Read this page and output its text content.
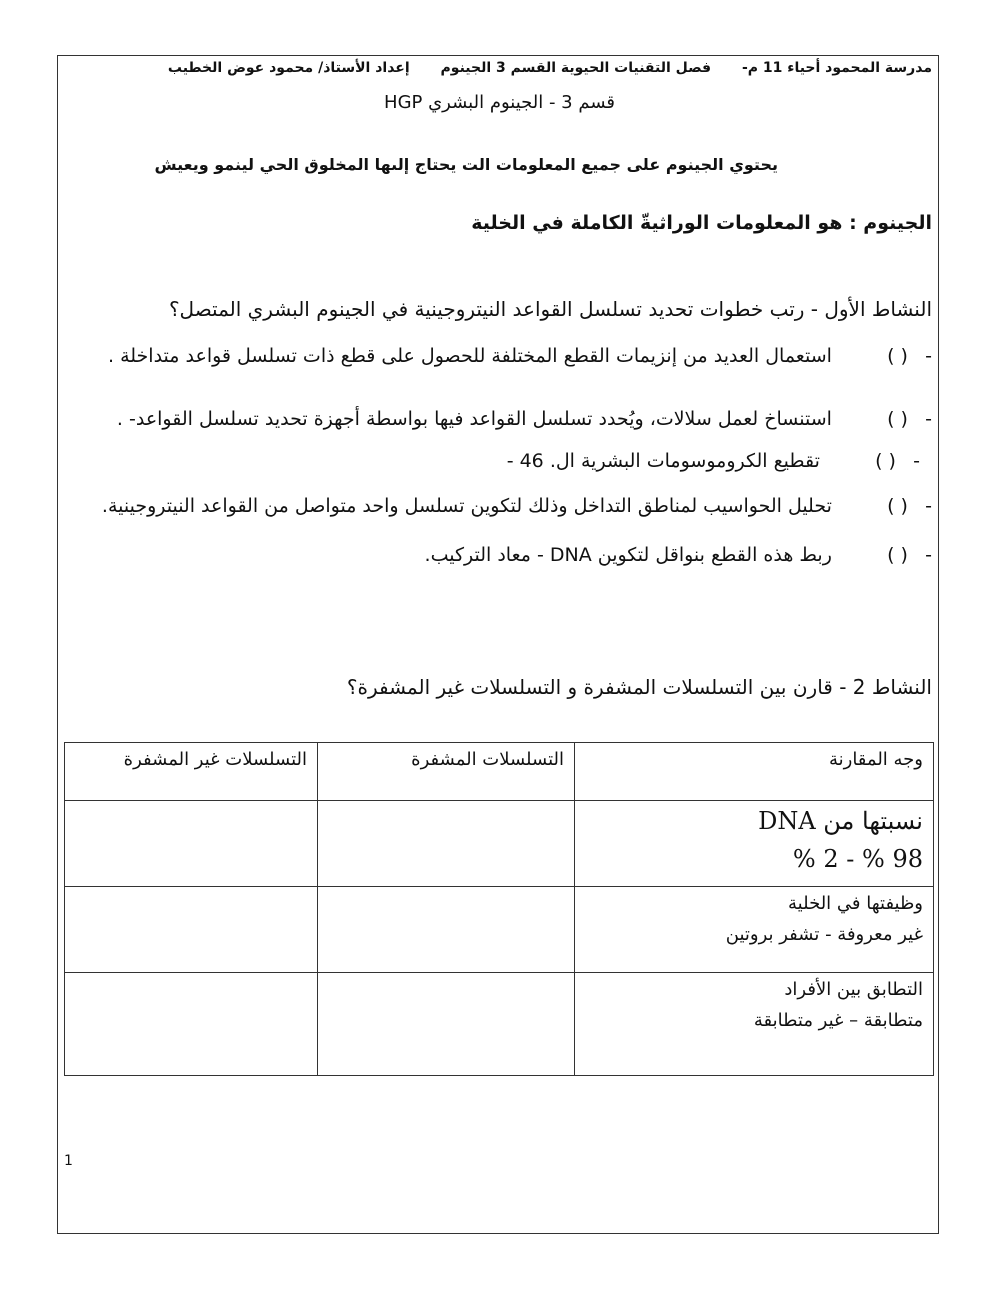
مدرسة المحمود أحياء 11 م- فصل التقنيات الحيوية القسم 3 الجينوم إعداد الأستاذ/ محمود عوض الخطيب
قسم 3 - الجينوم البشري HGP
يحتوي الجينوم على جميع المعلومات الت يحتاج إلىها المخلوق الحي لينمو ويعيش
الجينوم : هو المعلومات الوراثيةّ الكاملة في الخلية
النشاط الأول - رتب خطوات تحديد تسلسل القواعد النيتروجينية في الجينوم البشري المتصل؟
- ( ) استعمال العديد من إنزيمات القطع المختلفة للحصول على قطع ذات تسلسل قواعد متداخلة .
- ( ) استنساخ لعمل سلالات، ويُحدد تسلسل القواعد فيها بواسطة أجهزة تحديد تسلسل القواعد- .
- ( ) تقطيع الكروموسومات البشرية ال. 46 -
- ( ) تحليل الحواسيب لمناطق التداخل وذلك لتكوين تسلسل واحد متواصل من القواعد النيتروجينية.
- ( ) ربط هذه القطع بنواقل لتكوين DNA - معاد التركيب.
النشاط 2 - قارن بين التسلسلات المشفرة و التسلسلات غير المشفرة؟
وجه المقارنة	التسلسلات المشفرة	التسلسلات غير المشفرة
نسبتها من DNA
98 % - 2 %		

وظيفتها في الخلية
غير معروفة - تشفر بروتين		

التطابق بين الأفراد
متطابقة – غير متطابقة		

1
